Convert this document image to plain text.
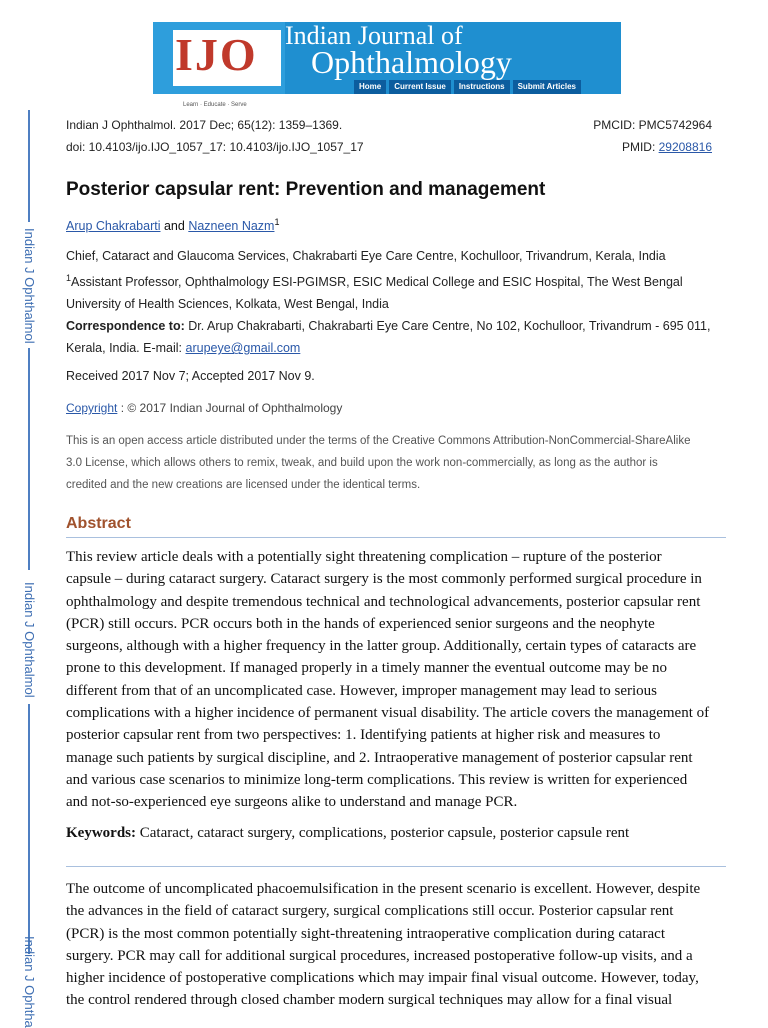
Indian J Ophthalmol
Indian J Ophthalmol
Indian J Ophtha
IJO
Learn · Educate · Serve
Indian Journal of
Ophthalmology
Home	Current Issue	Instructions	Submit Articles
Indian J Ophthalmol. 2017 Dec; 65(12): 1359–1369.
doi: 10.4103/ijo.IJO_1057_17: 10.4103/ijo.IJO_1057_17
PMCID: PMC5742964
PMID: 29208816
Posterior capsular rent: Prevention and management
Arup Chakrabarti and Nazneen Nazm$^1$
Chief, Cataract and Glaucoma Services, Chakrabarti Eye Care Centre, Kochulloor, Trivandrum, Kerala, India
$^1$Assistant Professor, Ophthalmology ESI-PGIMSR, ESIC Medical College and ESIC Hospital, The West Bengal
University of Health Sciences, Kolkata, West Bengal, India
Correspondence to: Dr. Arup Chakrabarti, Chakrabarti Eye Care Centre, No 102, Kochulloor, Trivandrum - 695 011,
Kerala, India. E-mail: arupeye@gmail.com
Received 2017 Nov 7; Accepted 2017 Nov 9.
Copyright : © 2017 Indian Journal of Ophthalmology
This is an open access article distributed under the terms of the Creative Commons Attribution-NonCommercial-ShareAlike
3.0 License, which allows others to remix, tweak, and build upon the work non-commercially, as long as the author is
credited and the new creations are licensed under the identical terms.
Abstract
This review article deals with a potentially sight threatening complication – rupture of the posterior
capsule – during cataract surgery. Cataract surgery is the most commonly performed surgical procedure in
ophthalmology and despite tremendous technical and technological advancements, posterior capsular rent
(PCR) still occurs. PCR occurs both in the hands of experienced senior surgeons and the neophyte
surgeons, although with a higher frequency in the latter group. Additionally, certain types of cataracts are
prone to this development. If managed properly in a timely manner the eventual outcome may be no
different from that of an uncomplicated case. However, improper management may lead to serious
complications with a higher incidence of permanent visual disability. The article covers the management of
posterior capsular rent from two perspectives: 1. Identifying patients at higher risk and measures to
manage such patients by surgical discipline, and 2. Intraoperative management of posterior capsular rent
and various case scenarios to minimize long-term complications. This review is written for experienced
and not-so-experienced eye surgeons alike to understand and manage PCR.
Keywords: Cataract, cataract surgery, complications, posterior capsule, posterior capsule rent
The outcome of uncomplicated phacoemulsification in the present scenario is excellent. However, despite
the advances in the field of cataract surgery, surgical complications still occur. Posterior capsular rent
(PCR) is the most common potentially sight-threatening intraoperative complication during cataract
surgery. PCR may call for additional surgical procedures, increased postoperative follow-up visits, and a
higher incidence of postoperative complications which may impair final visual outcome. However, today,
the control rendered through closed chamber modern surgical techniques may allow for a final visual
